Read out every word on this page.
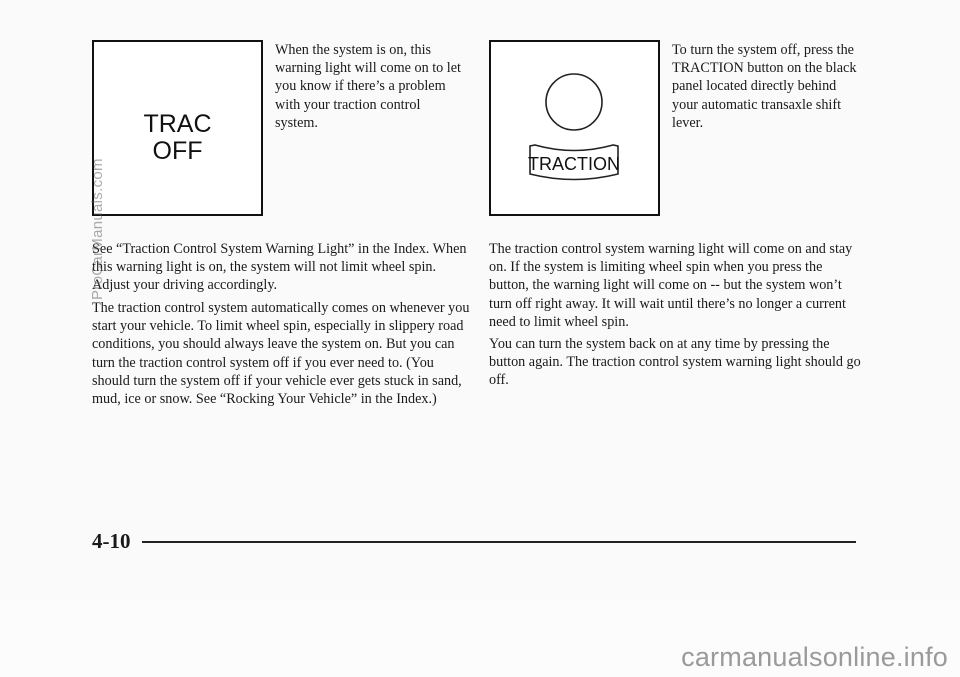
TRAC
OFF

When the system is on, this warning light will come on to let you know if there’s a problem with your traction control system.

TRACTION

To turn the system off, press the TRACTION button on the black panel located directly behind your automatic transaxle shift lever.

See “Traction Control System Warning Light” in the Index. When this warning light is on, the system will not limit wheel spin. Adjust your driving accordingly.

The traction control system automatically comes on whenever you start your vehicle. To limit wheel spin, especially in slippery road conditions, you should always leave the system on. But you can turn the traction control system off if you ever need to. (You should turn the system off if your vehicle ever gets stuck in sand, mud, ice or snow. See “Rocking Your Vehicle” in the Index.)

The traction control system warning light will come on and stay on. If the system is limiting wheel spin when you press the button, the warning light will come on -- but the system won’t turn off right away. It will wait until there’s no longer a current need to limit wheel spin.

You can turn the system back on at any time by pressing the button again. The traction control system warning light should go off.

4-10
ProCarManuals.com
carmanualsonline.info
